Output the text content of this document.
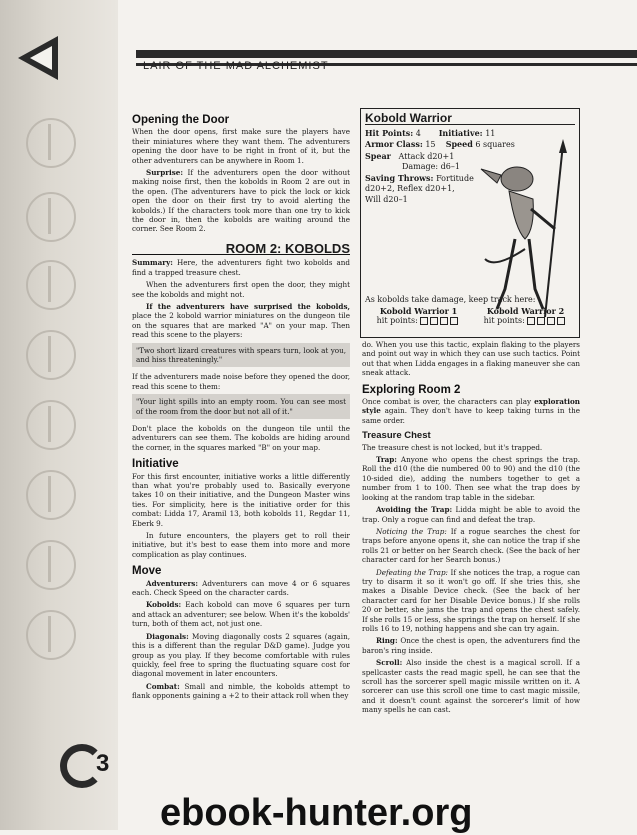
LAIR OF THE MAD ALCHEMIST
Opening the Door

When the door opens, first make sure the players have their miniatures where they want them. The adventurers opening the door have to be right in front of it, but the other adventurers can be anywhere in Room 1.

Surprise: If the adventurers open the door without making noise first, then the kobolds in Room 2 are out in the open. (The adventurers have to pick the lock or kick open the door on their first try to avoid alerting the kobolds.) If the characters took more than one try to kick the door in, then the kobolds are waiting around the corner. See Room 2.

ROOM 2: KOBOLDS

Summary: Here, the adventurers fight two kobolds and find a trapped treasure chest.

When the adventurers first open the door, they might see the kobolds and might not.

If the adventurers have surprised the kobolds, place the 2 kobold warrior miniatures on the dungeon tile on the squares that are marked "A" on your map. Then read this scene to the players:

"Two short lizard creatures with spears turn, look at you, and hiss threateningly."

If the adventurers made noise before they opened the door, read this scene to them:

"Your light spills into an empty room. You can see most of the room from the door but not all of it."

Don't place the kobolds on the dungeon tile until the adventurers can see them. The kobolds are hiding around the corner, in the squares marked "B" on your map.

Initiative

For this first encounter, initiative works a little differently than what you're probably used to. Basically everyone takes 10 on their initiative, and the Dungeon Master wins ties. For simplicity, here is the initiative order for this combat: Lidda 17, Aramil 13, both kobolds 11, Regdar 11, Eberk 9.

In future encounters, the players get to roll their initiative, but it's best to ease them into more and more complication as play continues.

Move

Adventurers: Adventurers can move 4 or 6 squares each. Check Speed on the character cards.

Kobolds: Each kobold can move 6 squares per turn and attack an adventurer; see below. When it's the kobolds' turn, both of them act, not just one.

Diagonals: Moving diagonally costs 2 squares (again, this is a different than the regular D&D game). Judge you group as you play. If they become comfortable with rules quickly, feel free to spring the fluctuating square cost for diagonal movement in later encounters.

Combat: Small and nimble, the kobolds attempt to flank opponents gaining a +2 to their attack roll when they

Kobold Warrior
Hit Points: 4 Initiative: 11
Armor Class: 15 Speed 6 squares
Spear Attack d20+1
Damage: d6–1
Saving Throws: Fortitude
d20+2, Reflex d20+1,
Will d20–1
As kobolds take damage, keep track here:
Kobold Warrior 1	Kobold Warrior 2
hit points:	hit points:

do. When you use this tactic, explain flaking to the players and point out way in which they can use such tactics. Point out that when Lidda engages in a flaking maneuver she can sneak attack.

Exploring Room 2

Once combat is over, the characters can play exploration style again. They don't have to keep taking turns in the same order.

Treasure Chest

The treasure chest is not locked, but it's trapped.

Trap: Anyone who opens the chest springs the trap. Roll the d10 (the die numbered 00 to 90) and the d10 (the 10-sided die), adding the numbers together to get a number from 1 to 100. Then see what the trap does by looking at the random trap table in the sidebar.

Avoiding the Trap: Lidda might be able to avoid the trap. Only a rogue can find and defeat the trap.

Noticing the Trap: If a rogue searches the chest for traps before anyone opens it, she can notice the trap if she rolls 21 or better on her Search check. (See the back of her character card for her Search bonus.)

Defeating the Trap: If she notices the trap, a rogue can try to disarm it so it won't go off. If she tries this, she makes a Disable Device check. (See the back of her character card for her Disable Device bonus.) If she rolls 20 or better, she jams the trap and opens the chest safely. If she rolls 15 or less, she springs the trap on herself. If she rolls 16 to 19, nothing happens and she can try again.

Ring: Once the chest is open, the adventurers find the baron's ring inside.

Scroll: Also inside the chest is a magical scroll. If a spellcaster casts the read magic spell, he can see that the scroll has the sorcerer spell magic missile written on it. A sorcerer can use this scroll one time to cast magic missile, and it doesn't count against the sorcerer's limit of how many spells he can cast.

3
ebook-hunter.org
